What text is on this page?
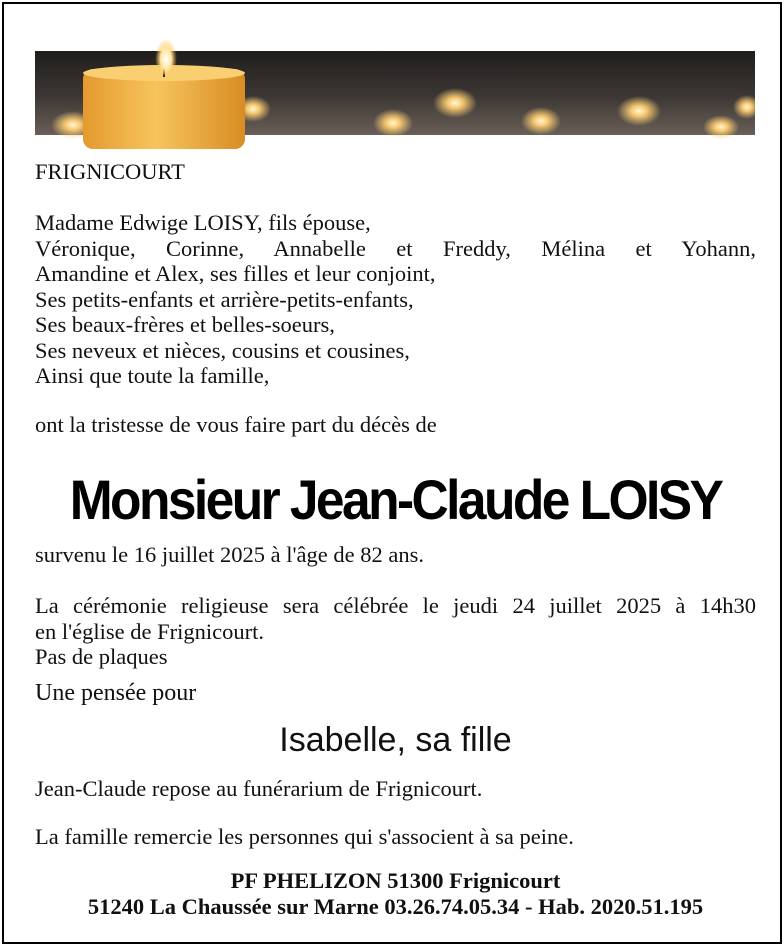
FRIGNICOURT
Madame Edwige LOISY, fils épouse,
Véronique, Corinne, Annabelle et Freddy, Mélina et Yohann,
Amandine et Alex, ses filles et leur conjoint,
Ses petits-enfants et arrière-petits-enfants,
Ses beaux-frères et belles-soeurs,
Ses neveux et nièces, cousins et cousines,
Ainsi que toute la famille,
ont la tristesse de vous faire part du décès de
Monsieur Jean-Claude LOISY
survenu le 16 juillet 2025 à l'âge de 82 ans.
La cérémonie religieuse sera célébrée le jeudi 24 juillet 2025 à 14h30
en l'église de Frignicourt.
Pas de plaques
Une pensée pour
Isabelle, sa fille
Jean-Claude repose au funérarium de Frignicourt.
La famille remercie les personnes qui s'associent à sa peine.
PF PHELIZON 51300 Frignicourt
51240 La Chaussée sur Marne 03.26.74.05.34 - Hab. 2020.51.195
